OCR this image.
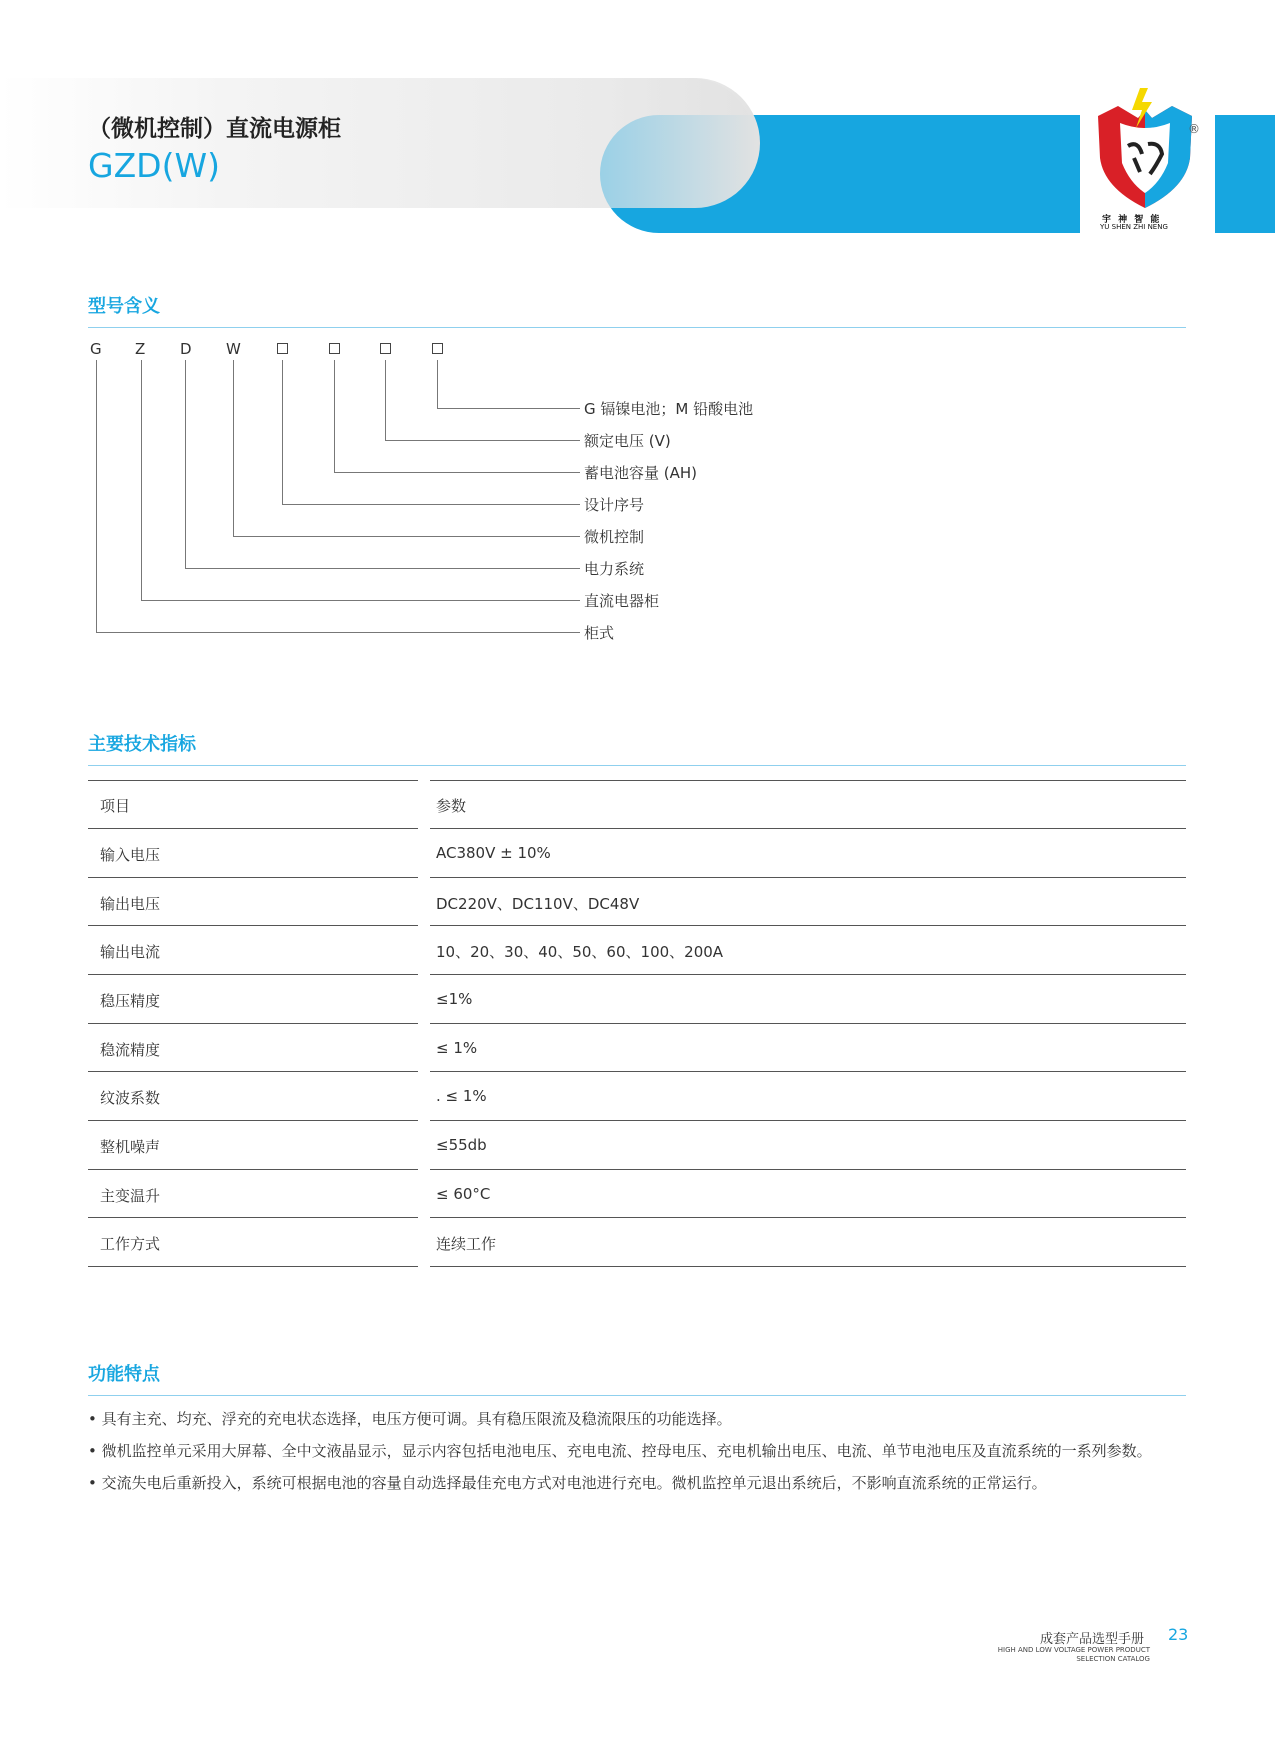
（微机控制）直流电源柜
GZD(W)
宇 神 智 能
YU SHEN ZHI NENG
®
型号含义
G Z D W
G 镉镍电池；M 铅酸电池
额定电压 (V)
蓄电池容量 (AH)
设计序号
微机控制
电力系统
直流电器柜
柜式
主要技术指标
项目	参数
输入电压	AC380V ± 10%
输出电压	DC220V、DC110V、DC48V
输出电流	10、20、30、40、50、60、100、200A
稳压精度	≤1%
稳流精度	≤ 1%
纹波系数	. ≤ 1%
整机噪声	≤55db
主变温升	≤ 60°C
工作方式	连续工作
功能特点
• 具有主充、均充、浮充的充电状态选择，电压方便可调。具有稳压限流及稳流限压的功能选择。
• 微机监控单元采用大屏幕、全中文液晶显示，显示内容包括电池电压、充电电流、控母电压、充电机输出电压、电流、单节电池电压及直流系统的一系列参数。
• 交流失电后重新投入，系统可根据电池的容量自动选择最佳充电方式对电池进行充电。微机监控单元退出系统后，不影响直流系统的正常运行。
成套产品选型手册
HIGH AND LOW VOLTAGE POWER PRODUCT
SELECTION CATALOG
23
